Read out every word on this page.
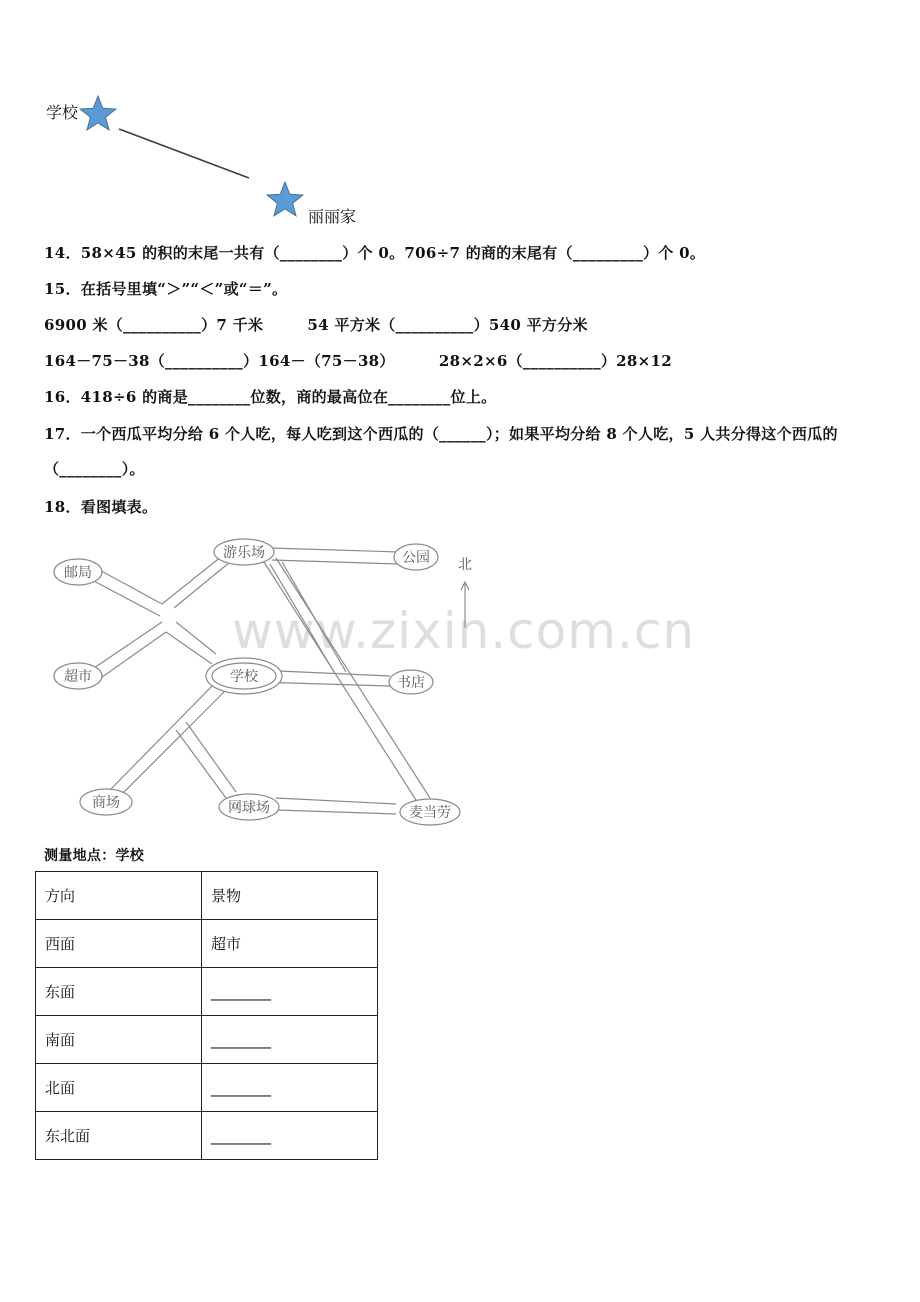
学校
丽丽家
14．58×45 的积的末尾一共有（________）个 0。706÷7 的商的末尾有（_________）个 0。
15．在括号里填“＞”“＜”或“＝”。
6900 米（__________）7 千米        54 平方米（__________）540 平方分米
164－75－38（__________）164－（75－38）        28×2×6（__________）28×12
16．418÷6 的商是________位数，商的最高位在________位上。
17．一个西瓜平均分给 6 个人吃，每人吃到这个西瓜的（______）；如果平均分给 8 个人吃，5 人共分得这个西瓜的
（________）。
18．看图填表。
邮局
游乐场	公园
超市	学校	书店
商场	网球场	麦当劳
北
www.zixin.com.cn
测量地点：学校
方向	景物
西面	超市
东面	________
南面	________
北面	________
东北面	________
